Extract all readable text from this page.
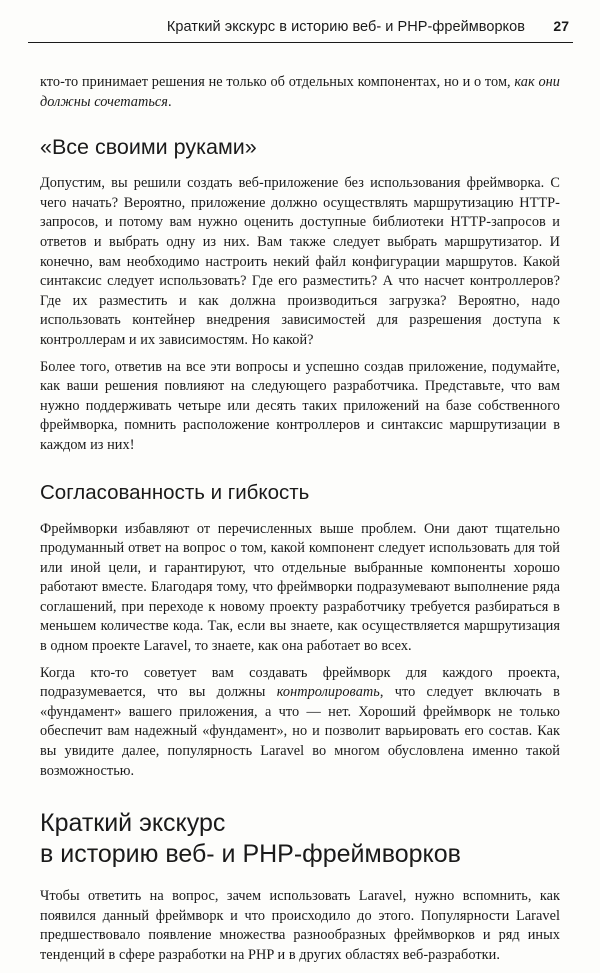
Краткий экскурс в историю веб- и PHP-фреймворков 27

кто-то принимает решения не только об отдельных компонентах, но и о том, как они должны сочетаться.

«Все своими руками»

Допустим, вы решили создать веб-приложение без использования фреймворка. С чего начать? Вероятно, приложение должно осуществлять маршрутизацию HTTP-запросов, и потому вам нужно оценить доступные библиотеки HTTP-запросов и ответов и выбрать одну из них. Вам также следует выбрать маршрутизатор. И конечно, вам необходимо настроить некий файл конфигурации маршрутов. Какой синтаксис следует использовать? Где его разместить? А что насчет контроллеров? Где их разместить и как должна производиться загрузка? Вероятно, надо использовать контейнер внедрения зависимостей для разрешения доступа к контроллерам и их зависимостям. Но какой?

Более того, ответив на все эти вопросы и успешно создав приложение, подумайте, как ваши решения повлияют на следующего разработчика. Представьте, что вам нужно поддерживать четыре или десять таких приложений на базе собственного фреймворка, помнить расположение контроллеров и синтаксис маршрутизации в каждом из них!

Согласованность и гибкость

Фреймворки избавляют от перечисленных выше проблем. Они дают тщательно продуманный ответ на вопрос о том, какой компонент следует использовать для той или иной цели, и гарантируют, что отдельные выбранные компоненты хорошо работают вместе. Благодаря тому, что фреймворки подразумевают выполнение ряда соглашений, при переходе к новому проекту разработчику требуется разбираться в меньшем количестве кода. Так, если вы знаете, как осуществляется маршрутизация в одном проекте Laravel, то знаете, как она работает во всех.

Когда кто-то советует вам создавать фреймворк для каждого проекта, подразумевается, что вы должны контролировать, что следует включать в «фундамент» вашего приложения, а что — нет. Хороший фреймворк не только обеспечит вам надежный «фундамент», но и позволит варьировать его состав. Как вы увидите далее, популярность Laravel во многом обусловлена именно такой возможностью.

Краткий экскурс
в историю веб- и PHP-фреймворков

Чтобы ответить на вопрос, зачем использовать Laravel, нужно вспомнить, как появился данный фреймворк и что происходило до этого. Популярности Laravel предшествовало появление множества разнообразных фреймворков и ряд иных тенденций в сфере разработки на PHP и в других областях веб-разработки.
